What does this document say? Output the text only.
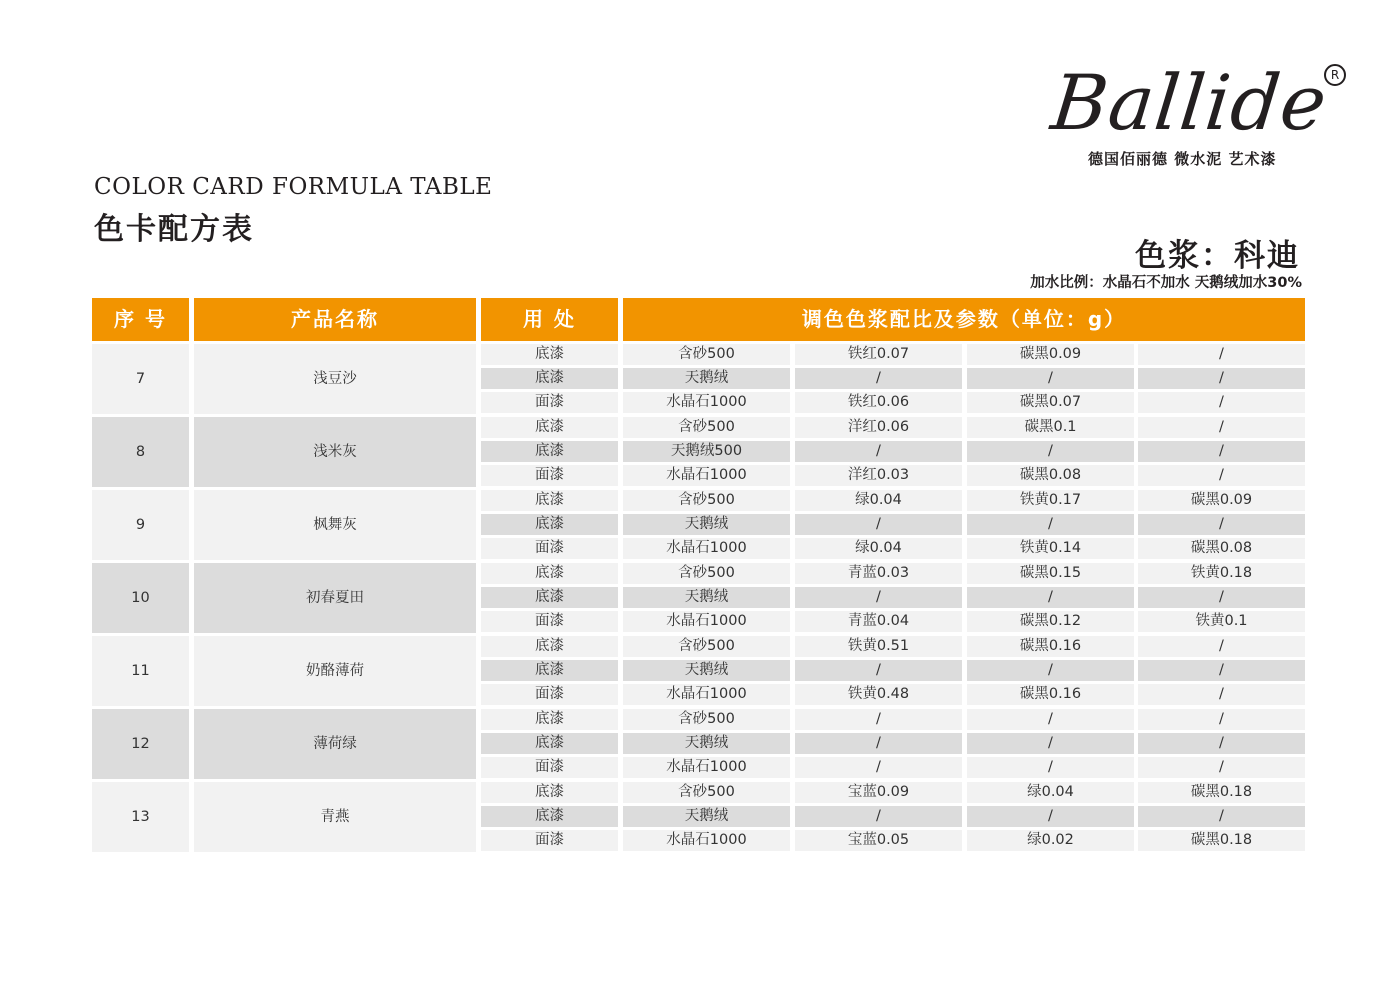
Ballide R
德国佰丽德 微水泥 艺术漆
COLOR CARD FORMULA TABLE
色卡配方表
色浆：科迪
加水比例：水晶石不加水 天鹅绒加水30%
序 号	产品名称	用 处	调色色浆配比及参数（单位：g）
7	浅豆沙
底漆	含砂500	铁红0.07	碳黑0.09	/
底漆	天鹅绒	/	/	/
面漆	水晶石1000	铁红0.06	碳黑0.07	/
8	浅米灰
底漆	含砂500	洋红0.06	碳黑0.1	/
底漆	天鹅绒500	/	/	/
面漆	水晶石1000	洋红0.03	碳黑0.08	/
9	枫舞灰
底漆	含砂500	绿0.04	铁黄0.17	碳黑0.09
底漆	天鹅绒	/	/	/
面漆	水晶石1000	绿0.04	铁黄0.14	碳黑0.08
10	初春夏田
底漆	含砂500	青蓝0.03	碳黑0.15	铁黄0.18
底漆	天鹅绒	/	/	/
面漆	水晶石1000	青蓝0.04	碳黑0.12	铁黄0.1
11	奶酪薄荷
底漆	含砂500	铁黄0.51	碳黑0.16	/
底漆	天鹅绒	/	/	/
面漆	水晶石1000	铁黄0.48	碳黑0.16	/
12	薄荷绿
底漆	含砂500	/	/	/
底漆	天鹅绒	/	/	/
面漆	水晶石1000	/	/	/
13	青燕
底漆	含砂500	宝蓝0.09	绿0.04	碳黑0.18
底漆	天鹅绒	/	/	/
面漆	水晶石1000	宝蓝0.05	绿0.02	碳黑0.18
